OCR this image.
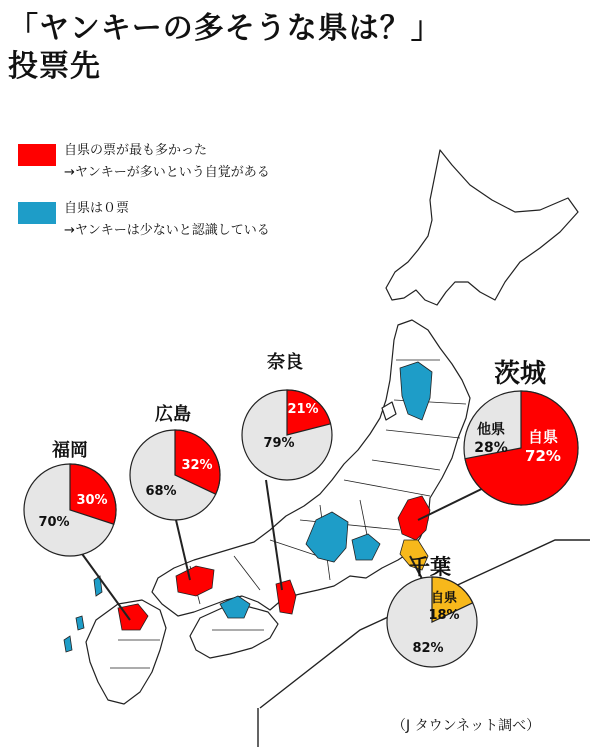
「ヤンキーの多そうな県は？」
投票先
自県の票が最も多かった
→ヤンキーが多いという自覚がある
自県は０票
→ヤンキーは少ないと認識している
茨城
自県
72%
他県
28%
千葉
自県
18%
82%
奈良
21%
79%
広島
32%
68%
福岡
30%
70%
（J タウンネット調べ）
